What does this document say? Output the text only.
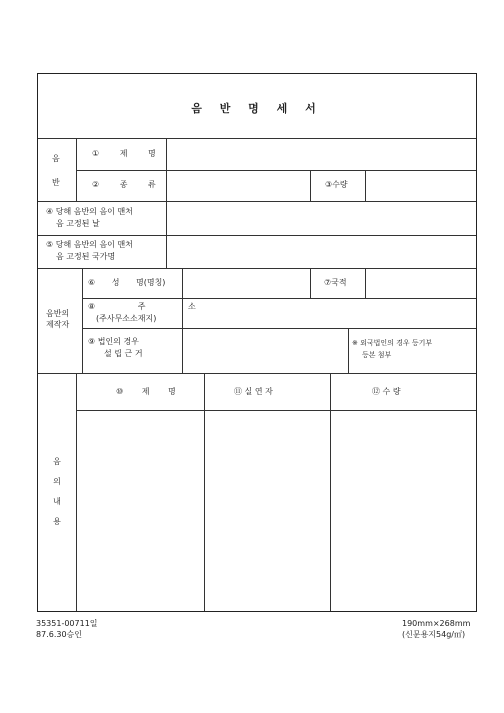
음 반 명 세 서
음
반
① 제 명
② 종 류	③수량
④ 당해 음반의 음이 맨처
음 고정된 날
⑤ 당해 음반의 음이 맨처
음 고정된 국가명
음반의
제작자
⑥ 성 명(명칭)	⑦국적
⑧ 주 소
(주사무소소재지)
⑨ 법인의 경우
설 립 근 거
※ 외국법인의 경우 등기부
등본 첨부
음
의
내
용
⑩ 제 명	⑪ 실 연 자	⑫ 수 량
35351-00711일
87.6.30승인
190mm×268mm
(신문용지54g/㎡)
